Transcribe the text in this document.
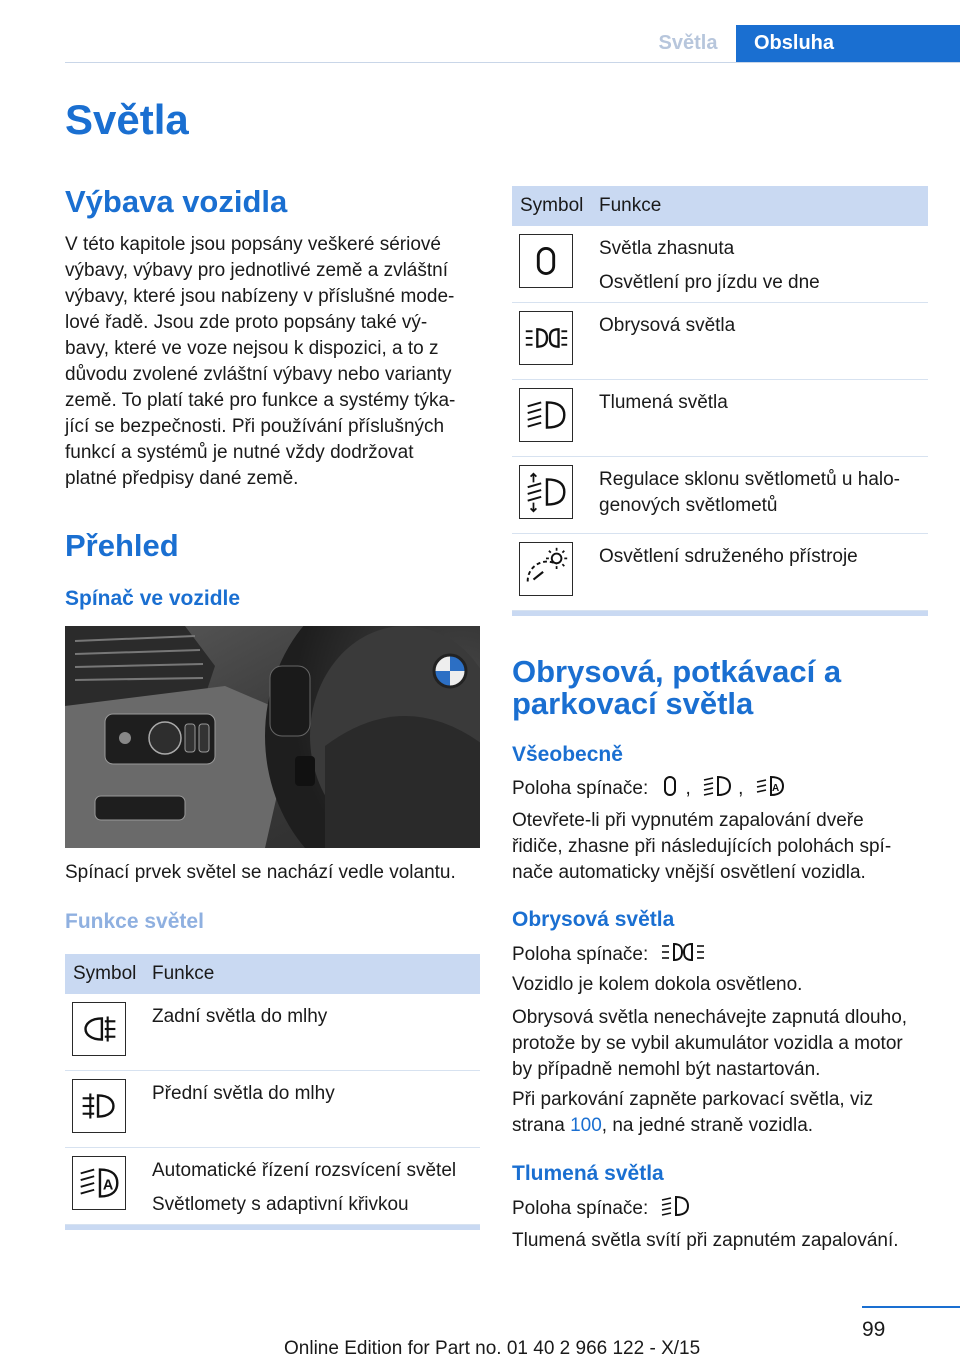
Světla	Obsluha
Světla
Výbava vozidla
V této kapitole jsou popsány veškeré sériové
výbavy, výbavy pro jednotlivé země a zvláštní
výbavy, které jsou nabízeny v příslušné mode‐
lové řadě. Jsou zde proto popsány také vý‐
bavy, které ve voze nejsou k dispozici, a to z
důvodu zvolené zvláštní výbavy nebo varianty
země. To platí také pro funkce a systémy týka‐
jící se bezpečnosti. Při používání příslušných
funkcí a systémů je nutné vždy dodržovat
platné předpisy dané země.
Přehled
Spínač ve vozidle
Spínací prvek světel se nachází vedle volantu.
Funkce světel
Symbol Funkce
Zadní světla do mlhy
Přední světla do mlhy
A
Automatické řízení rozsvícení světel
Světlomety s adaptivní křivkou
Symbol Funkce
Světla zhasnuta
Osvětlení pro jízdu ve dne
Obrysová světla
Tlumená světla
Regulace sklonu světlometů u halo‐
genových světlometů
Osvětlení sdruženého přístroje
Obrysová, potkávací a
parkovací světla
Všeobecně
Poloha spínače: , , A
Otevřete-li při vypnutém zapalování dveře
řidiče, zhasne při následujících polohách spí‐
nače automaticky vnější osvětlení vozidla.
Obrysová světla
Poloha spínače:
Vozidlo je kolem dokola osvětleno.
Obrysová světla nenechávejte zapnutá dlouho,
protože by se vybil akumulátor vozidla a motor
by případně nemohl být nastartován.
Při parkování zapněte parkovací světla, viz
strana 100, na jedné straně vozidla.
Tlumená světla
Poloha spínače:
Tlumená světla svítí při zapnutém zapalování.
99
Online Edition for Part no. 01 40 2 966 122 - X/15
